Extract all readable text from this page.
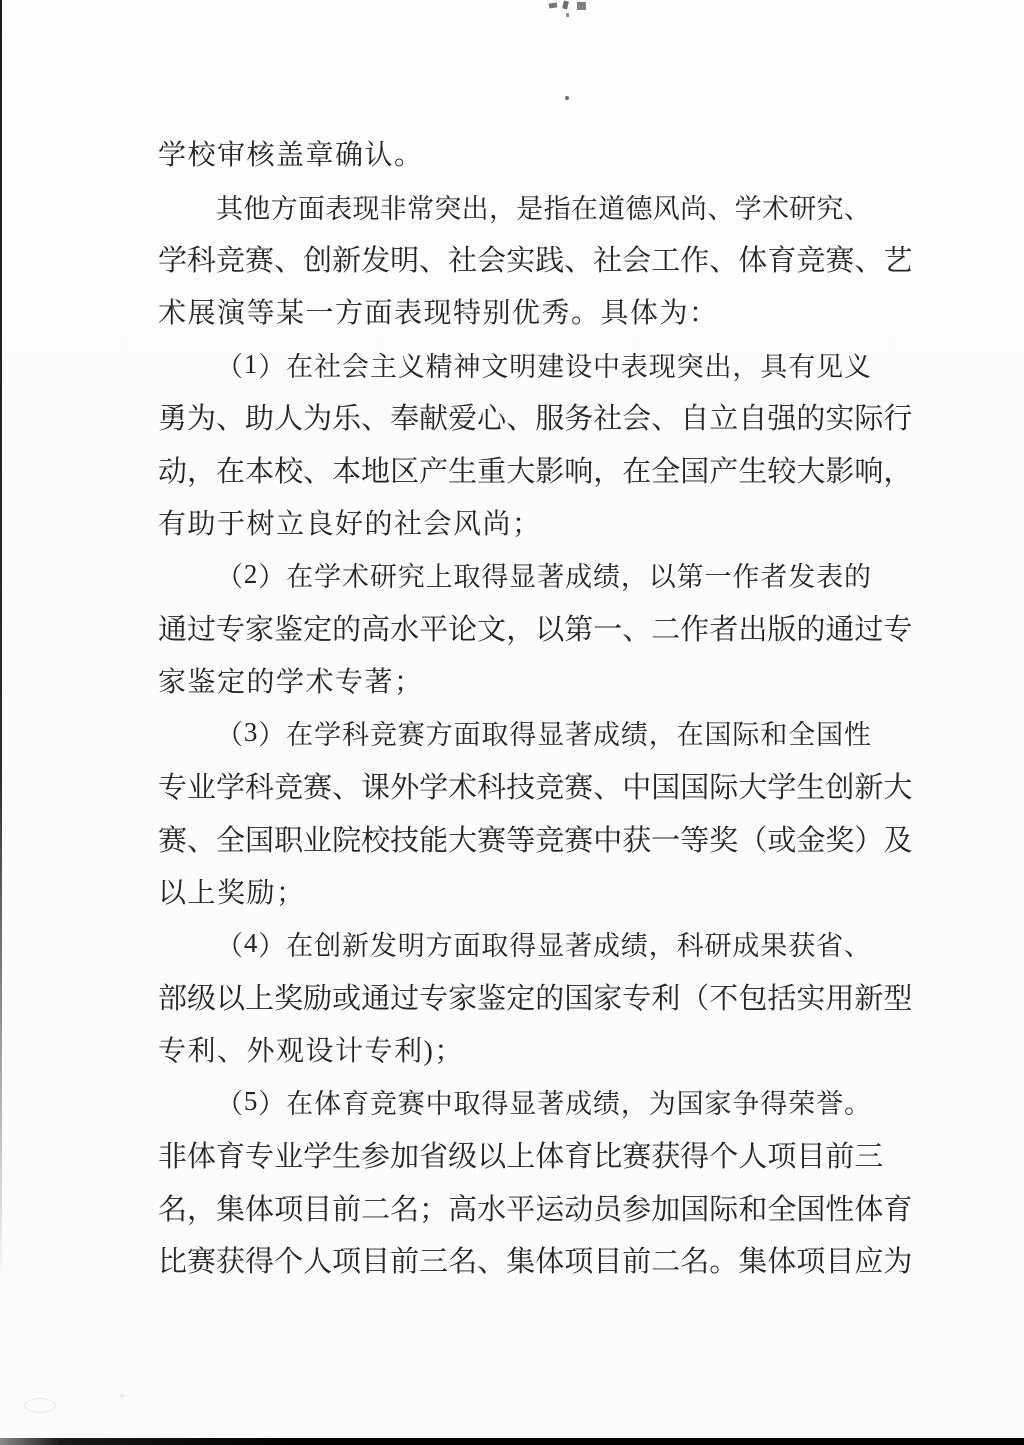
学校审核盖章确认。
其 他 方 面 表 现 非 常 突 出 ， 是 指 在 道 德 风 尚 、 学 术 研 究 、
学 科 竞 赛 、 创 新 发 明 、 社 会 实 践 、 社 会 工 作 、 体 育 竞 赛 、 艺
术展演等某一方面表现特别优秀。具体为：
（ 1 ） 在 社 会 主 义 精 神 文 明 建 设 中 表 现 突 出 ， 具 有 见 义
勇 为 、 助 人 为 乐 、 奉 献 爱 心 、 服 务 社 会 、 自 立 自 强 的 实 际 行
动 ， 在 本 校 、 本 地 区 产 生 重 大 影 响 ， 在 全 国 产 生 较 大 影 响 ，
有助于树立良好的社会风尚；
（ 2 ） 在 学 术 研 究 上 取 得 显 著 成 绩 ， 以 第 一 作 者 发 表 的
通 过 专 家 鉴 定 的 高 水 平 论 文 ， 以 第 一 、 二 作 者 出 版 的 通 过 专
家鉴定的学术专著；
（ 3 ） 在 学 科 竞 赛 方 面 取 得 显 著 成 绩 ， 在 国 际 和 全 国 性
专 业 学 科 竞 赛 、 课 外 学 术 科 技 竞 赛 、 中 国 国 际 大 学 生 创 新 大
赛 、 全 国 职 业 院 校 技 能 大 赛 等 竞 赛 中 获 一 等 奖 （ 或 金 奖 ） 及
以上奖励；
（ 4 ） 在 创 新 发 明 方 面 取 得 显 著 成 绩 ， 科 研 成 果 获 省 、
部 级 以 上 奖 励 或 通 过 专 家 鉴 定 的 国 家 专 利 （ 不 包 括 实 用 新 型
专利、外观设计专利)；
（ 5 ） 在 体 育 竞 赛 中 取 得 显 著 成 绩 ， 为 国 家 争 得 荣 誉 。
非 体 育 专 业 学 生 参 加 省 级 以 上 体 育 比 赛 获 得 个 人 项 目 前 三
名 ， 集 体 项 目 前 二 名 ； 高 水 平 运 动 员 参 加 国 际 和 全 国 性 体 育
比 赛 获 得 个 人 项 目 前 三 名 、 集 体 项 目 前 二 名 。 集 体 项 目 应 为
+
